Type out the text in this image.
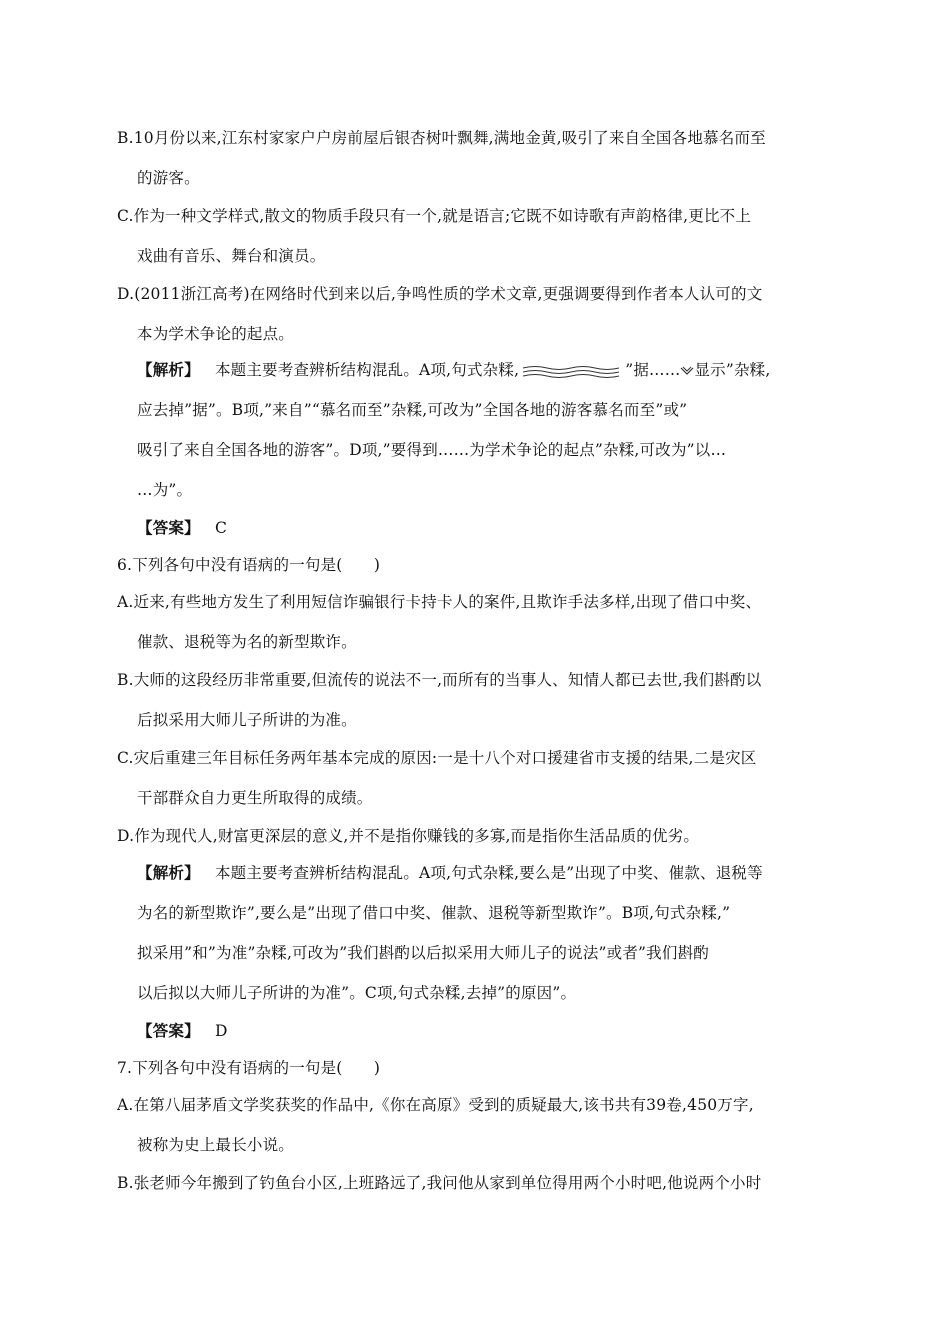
B.10月份以来,江东村家家户户房前屋后银杏树叶飘舞,满地金黄,吸引了来自全国各地慕名而至
的游客。
C.作为一种文学样式,散文的物质手段只有一个,就是语言;它既不如诗歌有声韵格律,更比不上
戏曲有音乐、舞台和演员。
D.(2011浙江高考)在网络时代到来以后,争鸣性质的学术文章,更强调要得到作者本人认可的文
本为学术争论的起点。
【解析】 本题主要考查辨析结构混乱。A项,句式杂糅,	”据…… 显示”杂糅,
应去掉”据”。B项,”来自”“慕名而至”杂糅,可改为”全国各地的游客慕名而至”或”
吸引了来自全国各地的游客”。D项,”要得到……为学术争论的起点”杂糅,可改为”以…
…为”。
【答案】 C
6.下列各句中没有语病的一句是(　　)
A.近来,有些地方发生了利用短信诈骗银行卡持卡人的案件,且欺诈手法多样,出现了借口中奖、
催款、退税等为名的新型欺诈。
B.大师的这段经历非常重要,但流传的说法不一,而所有的当事人、知情人都已去世,我们斟酌以
后拟采用大师儿子所讲的为准。
C.灾后重建三年目标任务两年基本完成的原因:一是十八个对口援建省市支援的结果,二是灾区
干部群众自力更生所取得的成绩。
D.作为现代人,财富更深层的意义,并不是指你赚钱的多寡,而是指你生活品质的优劣。
【解析】 本题主要考查辨析结构混乱。A项,句式杂糅,要么是”出现了中奖、催款、退税等
为名的新型欺诈”,要么是”出现了借口中奖、催款、退税等新型欺诈”。B项,句式杂糅,”
拟采用”和”为准”杂糅,可改为”我们斟酌以后拟采用大师儿子的说法”或者”我们斟酌
以后拟以大师儿子所讲的为准”。C项,句式杂糅,去掉”的原因”。
【答案】 D
7.下列各句中没有语病的一句是(　　)
A.在第八届茅盾文学奖获奖的作品中,《你在高原》受到的质疑最大,该书共有39卷,450万字,
被称为史上最长小说。
B.张老师今年搬到了钓鱼台小区,上班路远了,我问他从家到单位得用两个小时吧,他说两个小时
